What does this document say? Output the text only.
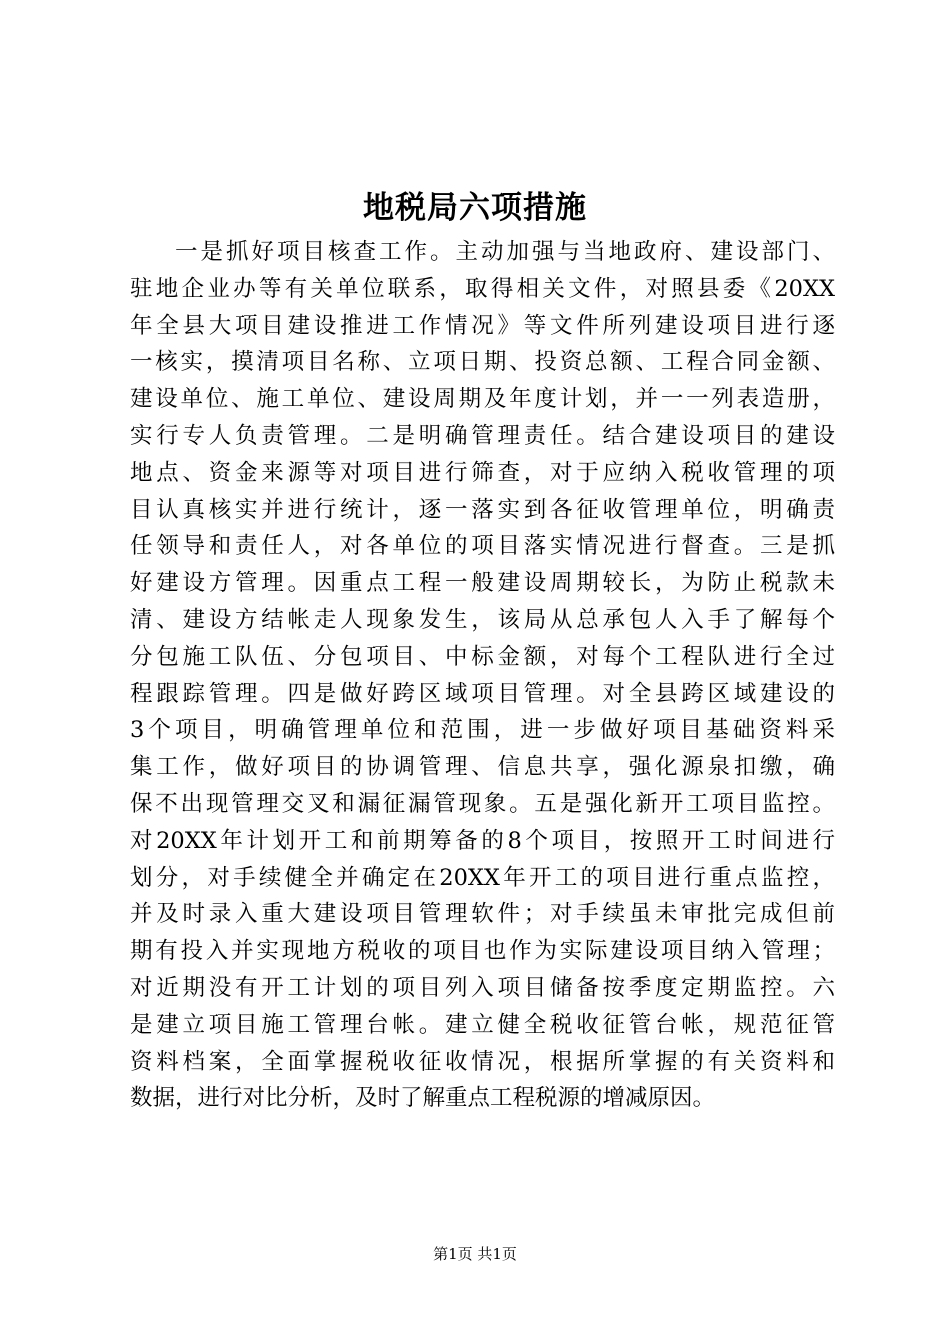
地税局六项措施
一是抓好项目核查工作。主动加强与当地政府、建设部门、
驻地企业办等有关单位联系，取得相关文件，对照县委《20XX
年全县大项目建设推进工作情况》等文件所列建设项目进行逐
一核实，摸清项目名称、立项日期、投资总额、工程合同金额、
建设单位、施工单位、建设周期及年度计划，并一一列表造册，
实行专人负责管理。二是明确管理责任。结合建设项目的建设
地点、资金来源等对项目进行筛查，对于应纳入税收管理的项
目认真核实并进行统计，逐一落实到各征收管理单位，明确责
任领导和责任人，对各单位的项目落实情况进行督查。三是抓
好建设方管理。因重点工程一般建设周期较长，为防止税款未
清、建设方结帐走人现象发生，该局从总承包人入手了解每个
分包施工队伍、分包项目、中标金额，对每个工程队进行全过
程跟踪管理。四是做好跨区域项目管理。对全县跨区域建设的
3个项目，明确管理单位和范围，进一步做好项目基础资料采
集工作，做好项目的协调管理、信息共享，强化源泉扣缴，确
保不出现管理交叉和漏征漏管现象。五是强化新开工项目监控。
对20XX年计划开工和前期筹备的8个项目，按照开工时间进行
划分，对手续健全并确定在20XX年开工的项目进行重点监控，
并及时录入重大建设项目管理软件；对手续虽未审批完成但前
期有投入并实现地方税收的项目也作为实际建设项目纳入管理；
对近期没有开工计划的项目列入项目储备按季度定期监控。六
是建立项目施工管理台帐。建立健全税收征管台帐，规范征管
资料档案，全面掌握税收征收情况，根据所掌握的有关资料和
数据，进行对比分析，及时了解重点工程税源的增减原因。
第1页 共1页
